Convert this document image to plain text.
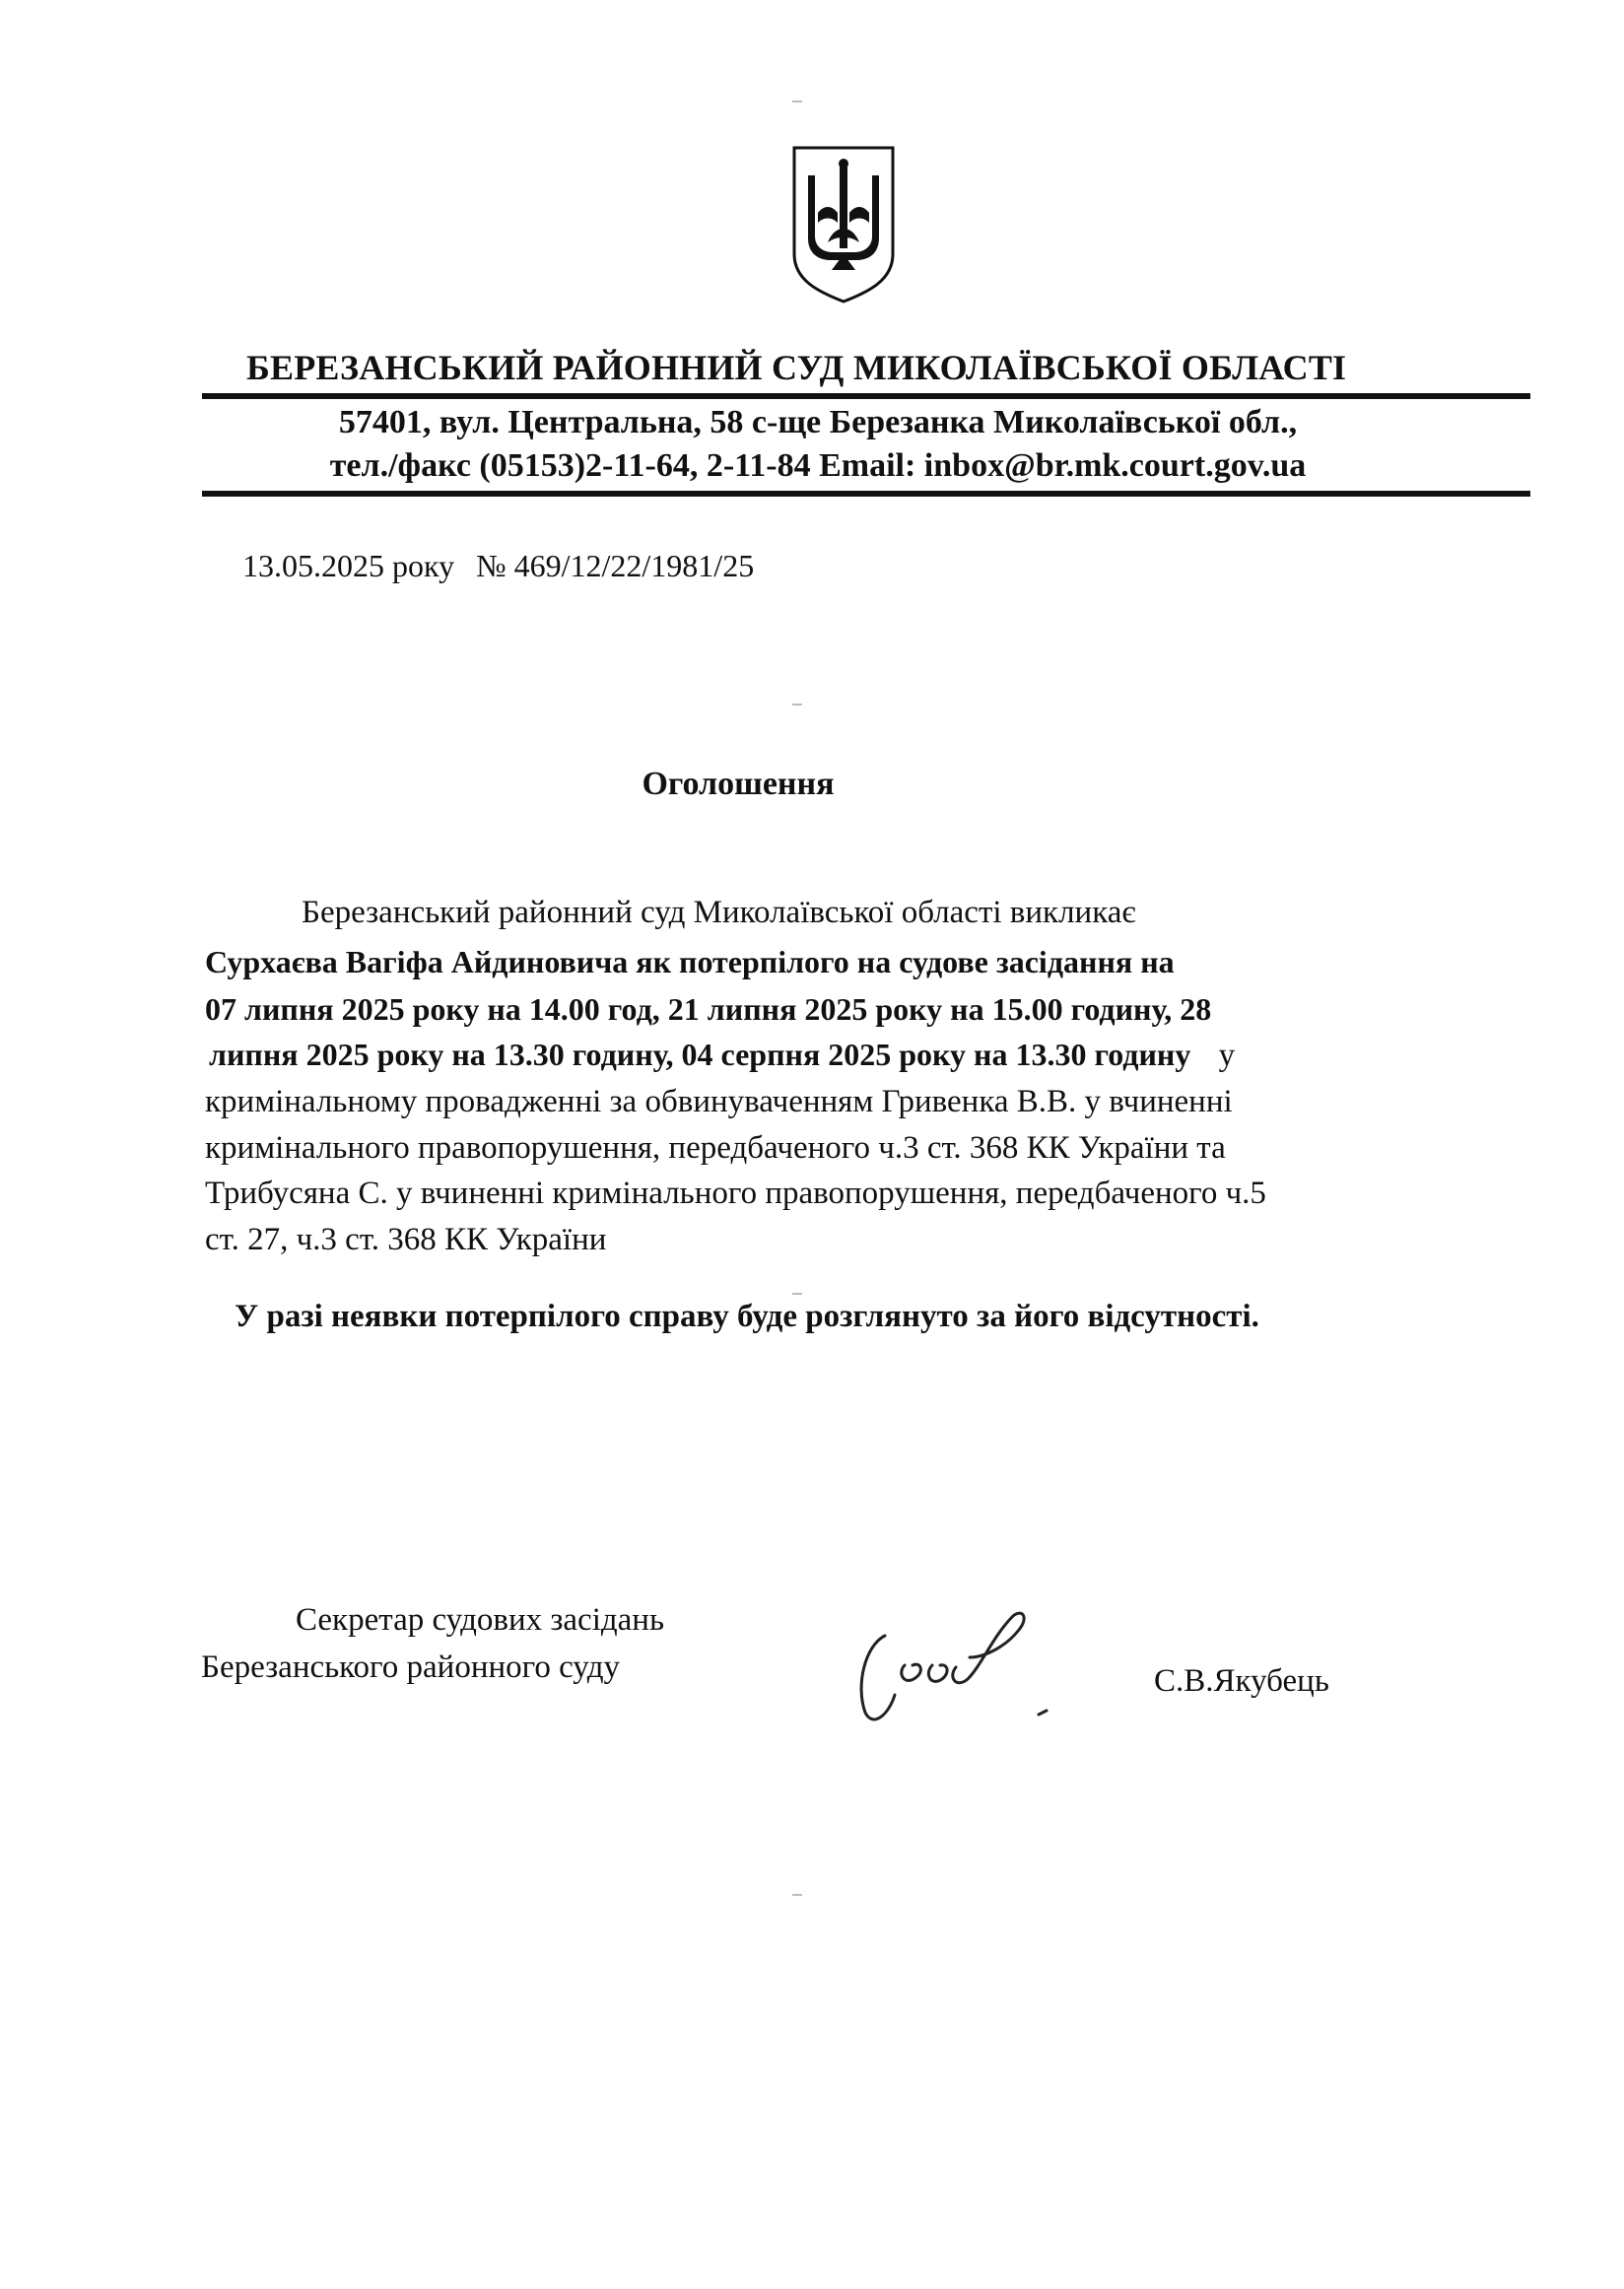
БЕРЕЗАНСЬКИЙ РАЙОННИЙ СУД МИКОЛАЇВСЬКОЇ ОБЛАСТІ
57401, вул. Центральна, 58 с-ще Березанка Миколаївської обл.,
тел./факс (05153)2-11-64, 2-11-84 Email: inbox@br.mk.court.gov.ua
13.05.2025 року № 469/12/22/1981/25
Оголошення
Березанський районний суд Миколаївської області викликає
Сурхаєва Вагіфа Айдиновича як потерпілого на судове засідання на
07 липня 2025 року на 14.00 год, 21 липня 2025 року на 15.00 годину, 28
липня 2025 року на 13.30 годину, 04 серпня 2025 року на 13.30 годину у
кримінальному провадженні за обвинуваченням Гривенка В.В. у вчиненні
кримінального правопорушення, передбаченого ч.3 ст. 368 КК України та
Трибусяна С. у вчиненні кримінального правопорушення, передбаченого ч.5
ст. 27, ч.3 ст. 368 КК України
У разі неявки потерпілого справу буде розглянуто за його відсутності.
Секретар судових засідань
Березанського районного суду	С.В.Якубець
